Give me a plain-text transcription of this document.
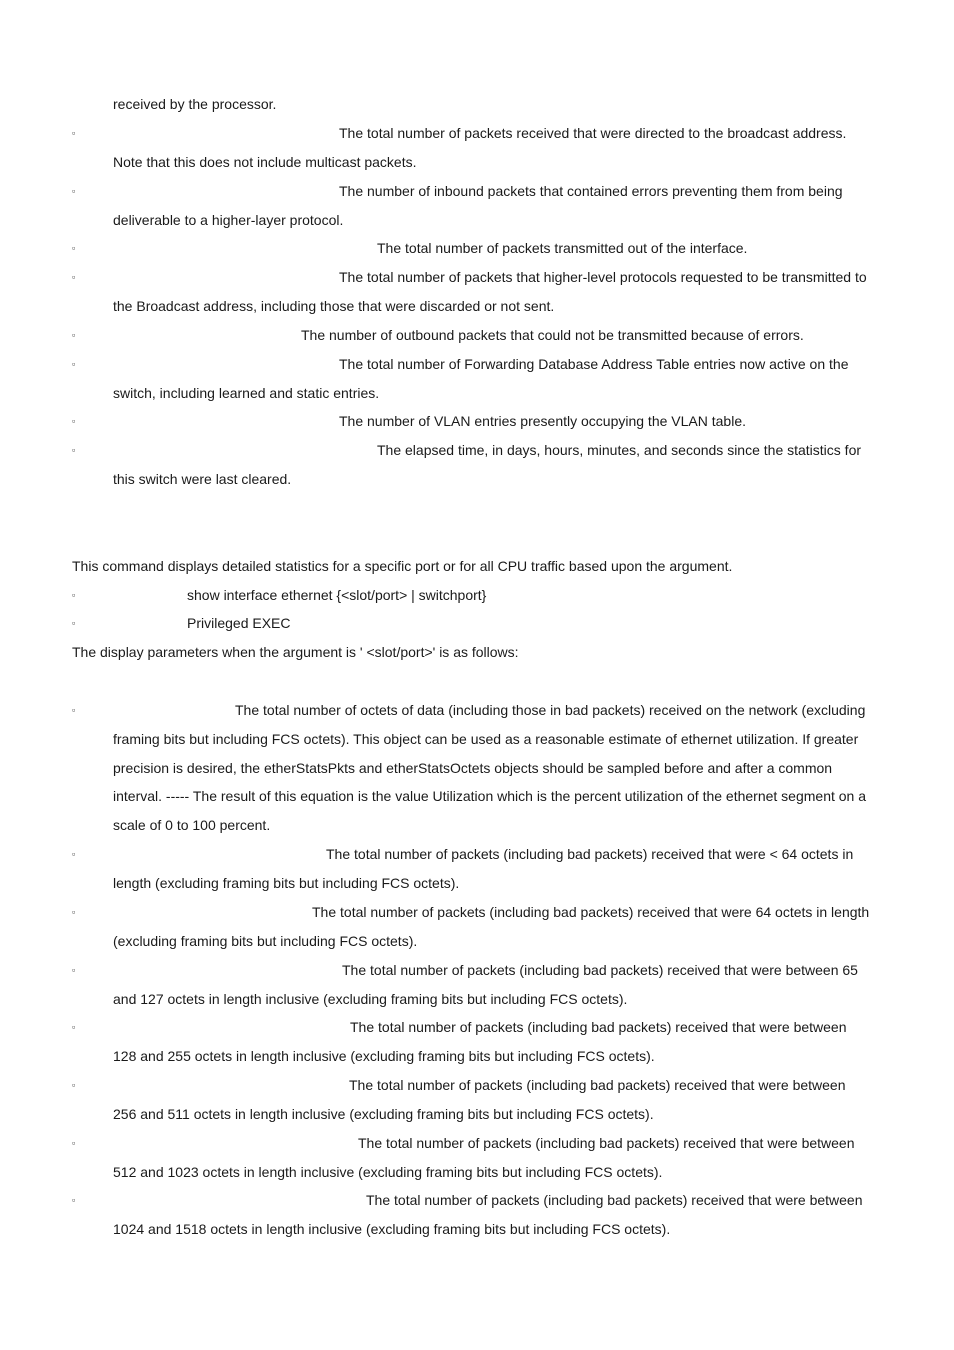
received by the processor.
▫	The total number of packets received that were directed to the broadcast address.
Note that this does not include multicast packets.
▫	The number of inbound packets that contained errors preventing them from being
deliverable to a higher-layer protocol.
▫	The total number of packets transmitted out of the interface.
▫	The total number of packets that higher-level protocols requested to be transmitted to
the Broadcast address, including those that were discarded or not sent.
▫	The number of outbound packets that could not be transmitted because of errors.
▫	The total number of Forwarding Database Address Table entries now active on the
switch, including learned and static entries.
▫	The number of VLAN entries presently occupying the VLAN table.
▫	The elapsed time, in days, hours, minutes, and seconds since the statistics for
this switch were last cleared.
This command displays detailed statistics for a specific port or for all CPU traffic based upon the argument.
▫	show interface ethernet {<slot/port> | switchport}
▫	Privileged EXEC
The display parameters when the argument is ' <slot/port>' is as follows:
▫	The total number of octets of data (including those in bad packets) received on the network (excluding
framing bits but including FCS octets). This object can be used as a reasonable estimate of ethernet utilization. If greater
precision is desired, the etherStatsPkts and etherStatsOctets objects should be sampled before and after a common
interval. ----- The result of this equation is the value Utilization which is the percent utilization of the ethernet segment on a
scale of 0 to 100 percent.
▫	The total number of packets (including bad packets) received that were < 64 octets in
length (excluding framing bits but including FCS octets).
▫	The total number of packets (including bad packets) received that were 64 octets in length
(excluding framing bits but including FCS octets).
▫	The total number of packets (including bad packets) received that were between 65
and 127 octets in length inclusive (excluding framing bits but including FCS octets).
▫	The total number of packets (including bad packets) received that were between
128 and 255 octets in length inclusive (excluding framing bits but including FCS octets).
▫	The total number of packets (including bad packets) received that were between
256 and 511 octets in length inclusive (excluding framing bits but including FCS octets).
▫	The total number of packets (including bad packets) received that were between
512 and 1023 octets in length inclusive (excluding framing bits but including FCS octets).
▫	The total number of packets (including bad packets) received that were between
1024 and 1518 octets in length inclusive (excluding framing bits but including FCS octets).
